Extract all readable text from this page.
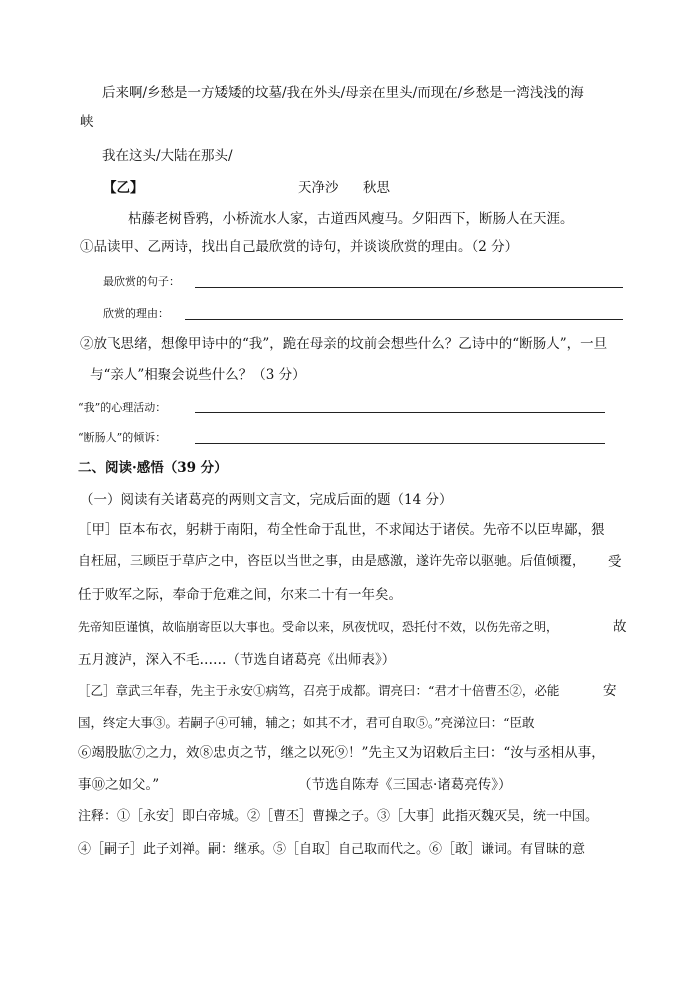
后来啊/乡愁是一方矮矮的坟墓/我在外头/母亲在里头/而现在/乡愁是一湾浅浅的海
峡
我在这头/大陆在那头/
【乙】	天净沙 秋思
枯藤老树昏鸦，小桥流水人家，古道西风瘦马。夕阳西下，断肠人在天涯。
①品读甲、乙两诗，找出自己最欣赏的诗句，并谈谈欣赏的理由。（2 分）
最欣赏的句子：
欣赏的理由：
②放飞思绪，想像甲诗中的“我”，跪在母亲的坟前会想些什么？乙诗中的“断肠人”，一旦
与“亲人”相聚会说些什么？（3 分）
“我”的心理活动：
“断肠人”的倾诉：
二、阅读·感悟（39 分）
（一）阅读有关诸葛亮的两则文言文，完成后面的题（14 分）
［甲］臣本布衣，躬耕于南阳，苟全性命于乱世，不求闻达于诸侯。先帝不以臣卑鄙，猥
自枉屈，三顾臣于草庐之中，咨臣以当世之事，由是感激，遂许先帝以驱驰。后值倾覆， 受
任于败军之际，奉命于危难之间，尔来二十有一年矣。
先帝知臣谨慎，故临崩寄臣以大事也。受命以来，夙夜忧叹，恐托付不效，以伤先帝之明，	故
五月渡泸，深入不毛……（节选自诸葛亮《出师表》）
［乙］章武三年春，先主于永安①病笃，召亮于成都。谓亮曰：“君才十倍曹丕②，必能	安
国，终定大事③。若嗣子④可辅，辅之；如其不才，君可自取⑤。”亮涕泣曰：“臣敢
⑥竭股肱⑦之力，效⑧忠贞之节，继之以死⑨！”先主又为诏敕后主曰：“汝与丞相从事，
事⑩之如父。”	（节选自陈寿《三国志·诸葛亮传》）
注释：①［永安］即白帝城。②［曹丕］曹操之子。③［大事］此指灭魏灭吴，统一中国。
④［嗣子］此子刘禅。嗣：继承。⑤［自取］自己取而代之。⑥［敢］谦词。有冒昧的意
